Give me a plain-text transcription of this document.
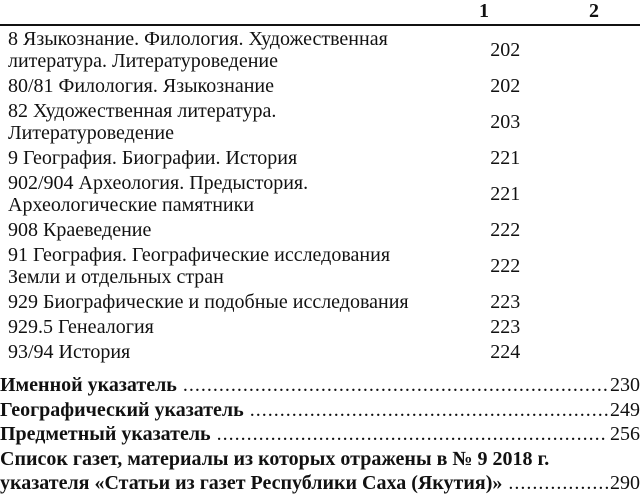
1	2
8 Языкознание. Филология. Художественная
литература. Литературоведение	202
80/81 Филология. Языкознание	202
82 Художественная литература.
Литературоведение	203
9 География. Биографии. История	221
902/904 Археология. Предыстория.
Археологические памятники	221
908 Краеведение	222
91 География. Географические исследования
Земли и отдельных стран	222
929 Биографические и подобные исследования	223
929.5 Генеалогия	223
93/94 История	224
Именной указатель .....	230
Географический указатель .....	249
Предметный указатель .....	256
Список газет, материалы из которых отражены в № 9 2018 г.
указателя «Статьи из газет Республики Саха (Якутия)» .....	290
